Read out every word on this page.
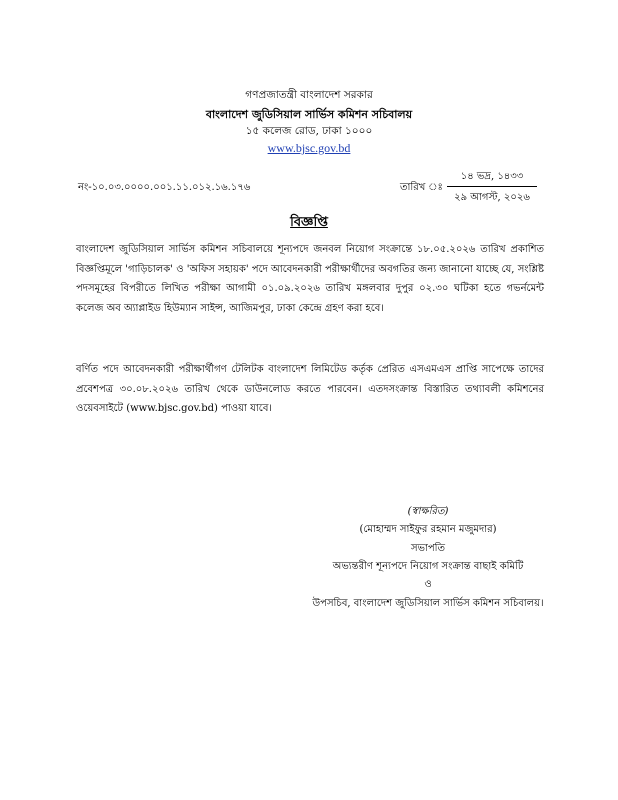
গণপ্রজাতন্ত্রী বাংলাদেশ সরকার
বাংলাদেশ জুডিসিয়াল সার্ভিস কমিশন সচিবালয়
১৫ কলেজ রোড, ঢাকা ১০০০
www.bjsc.gov.bd
নং-১০.০৩.০০০০.০০১.১১.০১২.১৬.১৭৬	তারিখ ঃ
১৪ ভদ্র, ১৪৩৩
২৯ আগস্ট, ২০২৬
বিজ্ঞপ্তি
বাংলাদেশ জুডিসিয়াল সার্ভিস কমিশন সচিবালয়ে শূন্যপদে জনবল নিয়োগ সংক্রান্তে ১৮.০৫.২০২৬ তারিখ প্রকাশিত বিজ্ঞপ্তিমূলে 'গাড়িচালক' ও 'অফিস সহায়ক' পদে আবেদনকারী পরীক্ষার্থীদের অবগতির জন্য জানানো যাচ্ছে যে, সংশ্লিষ্ট পদসমূহের বিপরীতে লিখিত পরীক্ষা আগামী ০১.০৯.২০২৬ তারিখ মঙ্গলবার দুপুর ০২.৩০ ঘটিকা হতে গভর্নমেন্ট কলেজ অব অ্যাপ্লাইড হিউম্যান সাইন্স, আজিমপুর, ঢাকা কেন্দ্রে গ্রহণ করা হবে।
বর্ণিত পদে আবেদনকারী পরীক্ষার্থীগণ টেলিটক বাংলাদেশ লিমিটেড কর্তৃক প্রেরিত এসএমএস প্রাপ্তি সাপেক্ষে তাদের প্রবেশপত্র ৩০.০৮.২০২৬ তারিখ থেকে ডাউনলোড করতে পারবেন। এতদসংক্রান্ত বিস্তারিত তথ্যাবলী কমিশনের ওয়েবসাইটে (www.bjsc.gov.bd) পাওয়া যাবে।
(স্বাক্ষরিত)
(মোহাম্মদ সাইফুর রহমান মজুমদার)
সভাপতি
অভ্যন্তরীণ শূন্যপদে নিয়োগ সংক্রান্ত বাছাই কমিটি
ও
উপসচিব, বাংলাদেশ জুডিসিয়াল সার্ভিস কমিশন সচিবালয়।
